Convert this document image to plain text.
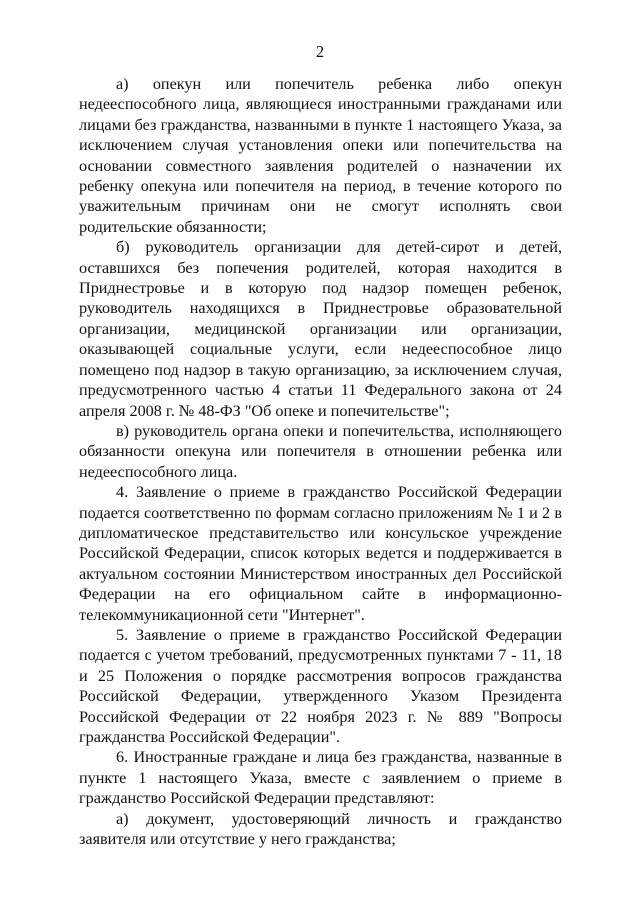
2

а) опекун или попечитель ребенка либо опекун недееспособного лица, являющиеся иностранными гражданами или лицами без гражданства, названными в пункте 1 настоящего Указа, за исключением случая установления опеки или попечительства на основании совместного заявления родителей о назначении их ребенку опекуна или попечителя на период, в течение которого по уважительным причинам они не смогут исполнять свои родительские обязанности;

б) руководитель организации для детей-сирот и детей, оставшихся без попечения родителей, которая находится в Приднестровье и в которую под надзор помещен ребенок, руководитель находящихся в Приднестровье образовательной организации, медицинской организации или организации, оказывающей социальные услуги, если недееспособное лицо помещено под надзор в такую организацию, за исключением случая, предусмотренного частью 4 статьи 11 Федерального закона от 24 апреля 2008 г. № 48-ФЗ "Об опеке и попечительстве";

в) руководитель органа опеки и попечительства, исполняющего обязанности опекуна или попечителя в отношении ребенка или недееспособного лица.

4. Заявление о приеме в гражданство Российской Федерации подается соответственно по формам согласно приложениям № 1 и 2 в дипломатическое представительство или консульское учреждение Российской Федерации, список которых ведется и поддерживается в актуальном состоянии Министерством иностранных дел Российской Федерации на его официальном сайте в информационно-телекоммуникационной сети "Интернет".

5. Заявление о приеме в гражданство Российской Федерации подается с учетом требований, предусмотренных пунктами 7 - 11, 18 и 25 Положения о порядке рассмотрения вопросов гражданства Российской Федерации, утвержденного Указом Президента Российской Федерации от 22 ноября 2023 г. № 889 "Вопросы гражданства Российской Федерации".

6. Иностранные граждане и лица без гражданства, названные в пункте 1 настоящего Указа, вместе с заявлением о приеме в гражданство Российской Федерации представляют:

а) документ, удостоверяющий личность и гражданство заявителя или отсутствие у него гражданства;
